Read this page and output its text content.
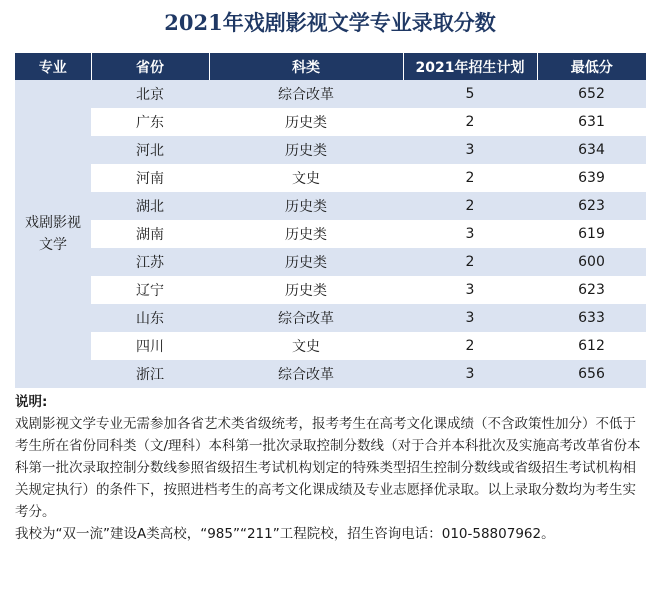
2021年戏剧影视文学专业录取分数
专业	省份	科类	2021年招生计划	最低分
戏剧影视文学	北京	综合改革	5	652
	广东	历史类	2	631
	河北	历史类	3	634
	河南	文史	2	639
	湖北	历史类	2	623
	湖南	历史类	3	619
	江苏	历史类	2	600
	辽宁	历史类	3	623
	山东	综合改革	3	633
	四川	文史	2	612
	浙江	综合改革	3	656

说明:

戏剧影视文学专业无需参加各省艺术类省级统考，报考考生在高考文化课成绩（不含政策性加分）不低于考生所在省份同科类（文/理科）本科第一批次录取控制分数线（对于合并本科批次及实施高考改革省份本科第一批次录取控制分数线参照省级招生考试机构划定的特殊类型招生控制分数线或省级招生考试机构相关规定执行）的条件下，按照进档考生的高考文化课成绩及专业志愿择优录取。以上录取分数均为考生实考分。

我校为“双一流”建设A类高校，“985”“211”工程院校，招生咨询电话：010-58807962。
